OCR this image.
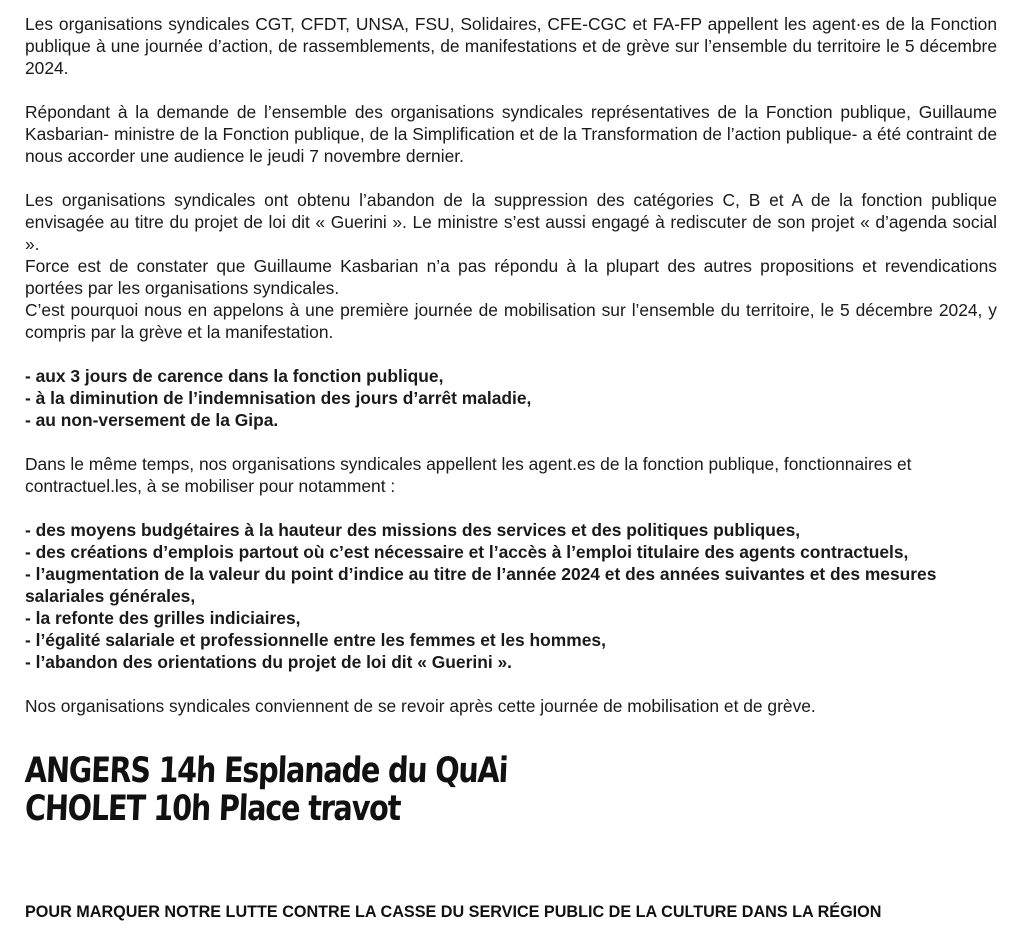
Les organisations syndicales CGT, CFDT, UNSA, FSU, Solidaires, CFE-CGC et FA-FP appellent les agent·es de la Fonction publique à une journée d’action, de rassemblements, de manifestations et de grève sur l’ensemble du territoire le 5 décembre 2024.

Répondant à la demande de l’ensemble des organisations syndicales représentatives de la Fonction publique, Guillaume Kasbarian- ministre de la Fonction publique, de la Simplification et de la Transformation de l’action publique- a été contraint de nous accorder une audience le jeudi 7 novembre dernier.

Les organisations syndicales ont obtenu l’abandon de la suppression des catégories C, B et A de la fonction publique envisagée au titre du projet de loi dit « Guerini ». Le ministre s’est aussi engagé à rediscuter de son projet « d’agenda social ».

Force est de constater que Guillaume Kasbarian n’a pas répondu à la plupart des autres propositions et revendications portées par les organisations syndicales.

C’est pourquoi nous en appelons à une première journée de mobilisation sur l’ensemble du territoire, le 5 décembre 2024, y compris par la grève et la manifestation.

- aux 3 jours de carence dans la fonction publique,

- à la diminution de l’indemnisation des jours d’arrêt maladie,

- au non-versement de la Gipa.

Dans le même temps, nos organisations syndicales appellent les agent.es de la fonction publique, fonctionnaires et contractuel.les, à se mobiliser pour notamment :

- des moyens budgétaires à la hauteur des missions des services et des politiques publiques,

- des créations d’emplois partout où c’est nécessaire et l’accès à l’emploi titulaire des agents contractuels,

- l’augmentation de la valeur du point d’indice au titre de l’année 2024 et des années suivantes et des mesures salariales générales,

- la refonte des grilles indiciaires,

- l’égalité salariale et professionnelle entre les femmes et les hommes,

- l’abandon des orientations du projet de loi dit « Guerini ».

Nos organisations syndicales conviennent de se revoir après cette journée de mobilisation et de grève.

ANGERS 14h Esplanade du QuAi

CHOLET 10h Place travot

POUR MARQUER NOTRE LUTTE CONTRE LA CASSE DU SERVICE PUBLIC DE LA CULTURE DANS LA RÉGION
